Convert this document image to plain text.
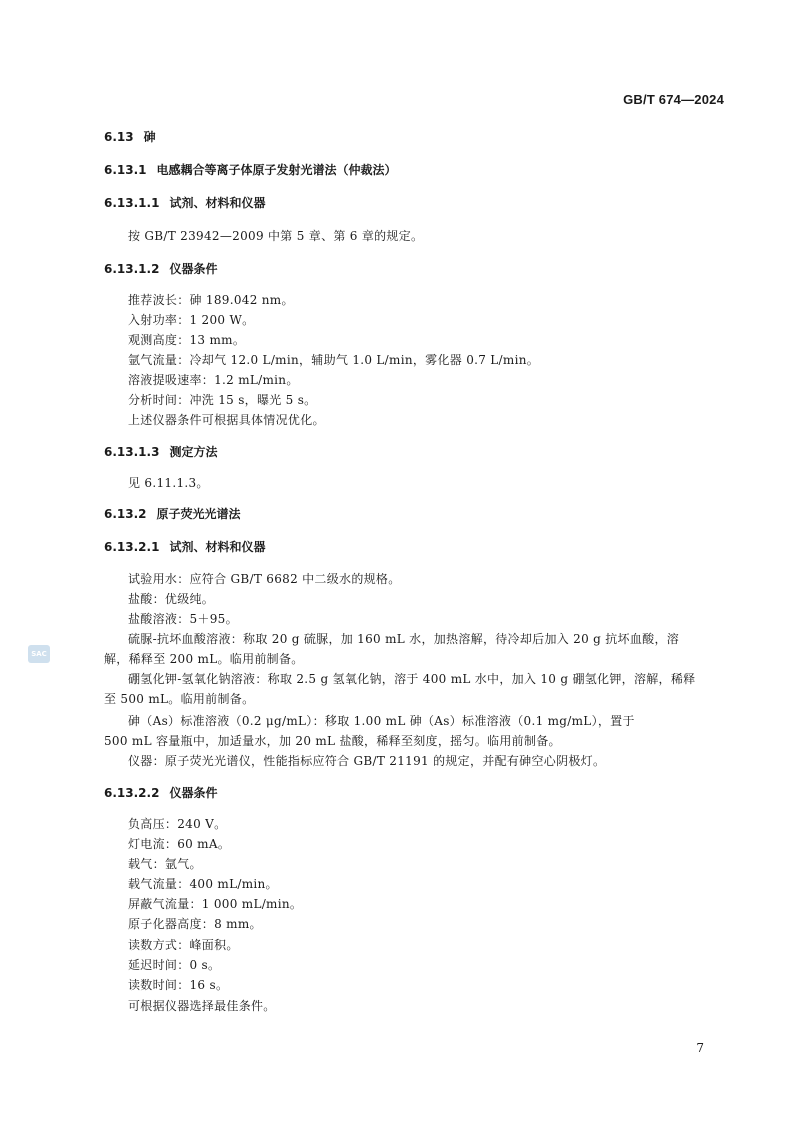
GB/T 674—2024
SAC
6.13 砷
6.13.1 电感耦合等离子体原子发射光谱法（仲裁法）
6.13.1.1 试剂、材料和仪器
按 GB/T 23942—2009 中第 5 章、第 6 章的规定。
6.13.1.2 仪器条件
推荐波长：砷 189.042 nm。
入射功率：1 200 W。
观测高度：13 mm。
氩气流量：冷却气 12.0 L/min，辅助气 1.0 L/min，雾化器 0.7 L/min。
溶液提吸速率：1.2 mL/min。
分析时间：冲洗 15 s，曝光 5 s。
上述仪器条件可根据具体情况优化。
6.13.1.3 测定方法
见 6.11.1.3。
6.13.2 原子荧光光谱法
6.13.2.1 试剂、材料和仪器
试验用水：应符合 GB/T 6682 中二级水的规格。
盐酸：优级纯。
盐酸溶液：5＋95。
硫脲-抗坏血酸溶液：称取 20 g 硫脲，加 160 mL 水，加热溶解，待冷却后加入 20 g 抗坏血酸，溶
解，稀释至 200 mL。临用前制备。
硼氢化钾-氢氧化钠溶液：称取 2.5 g 氢氧化钠，溶于 400 mL 水中，加入 10 g 硼氢化钾，溶解，稀释
至 500 mL。临用前制备。
砷（As）标准溶液（0.2 μg/mL）：移取 1.00 mL 砷（As）标准溶液（0.1 mg/mL），置于
500 mL 容量瓶中，加适量水，加 20 mL 盐酸，稀释至刻度，摇匀。临用前制备。
仪器：原子荧光光谱仪，性能指标应符合 GB/T 21191 的规定，并配有砷空心阴极灯。
6.13.2.2 仪器条件
负高压：240 V。
灯电流：60 mA。
载气：氩气。
载气流量：400 mL/min。
屏蔽气流量：1 000 mL/min。
原子化器高度：8 mm。
读数方式：峰面积。
延迟时间：0 s。
读数时间：16 s。
可根据仪器选择最佳条件。
7
